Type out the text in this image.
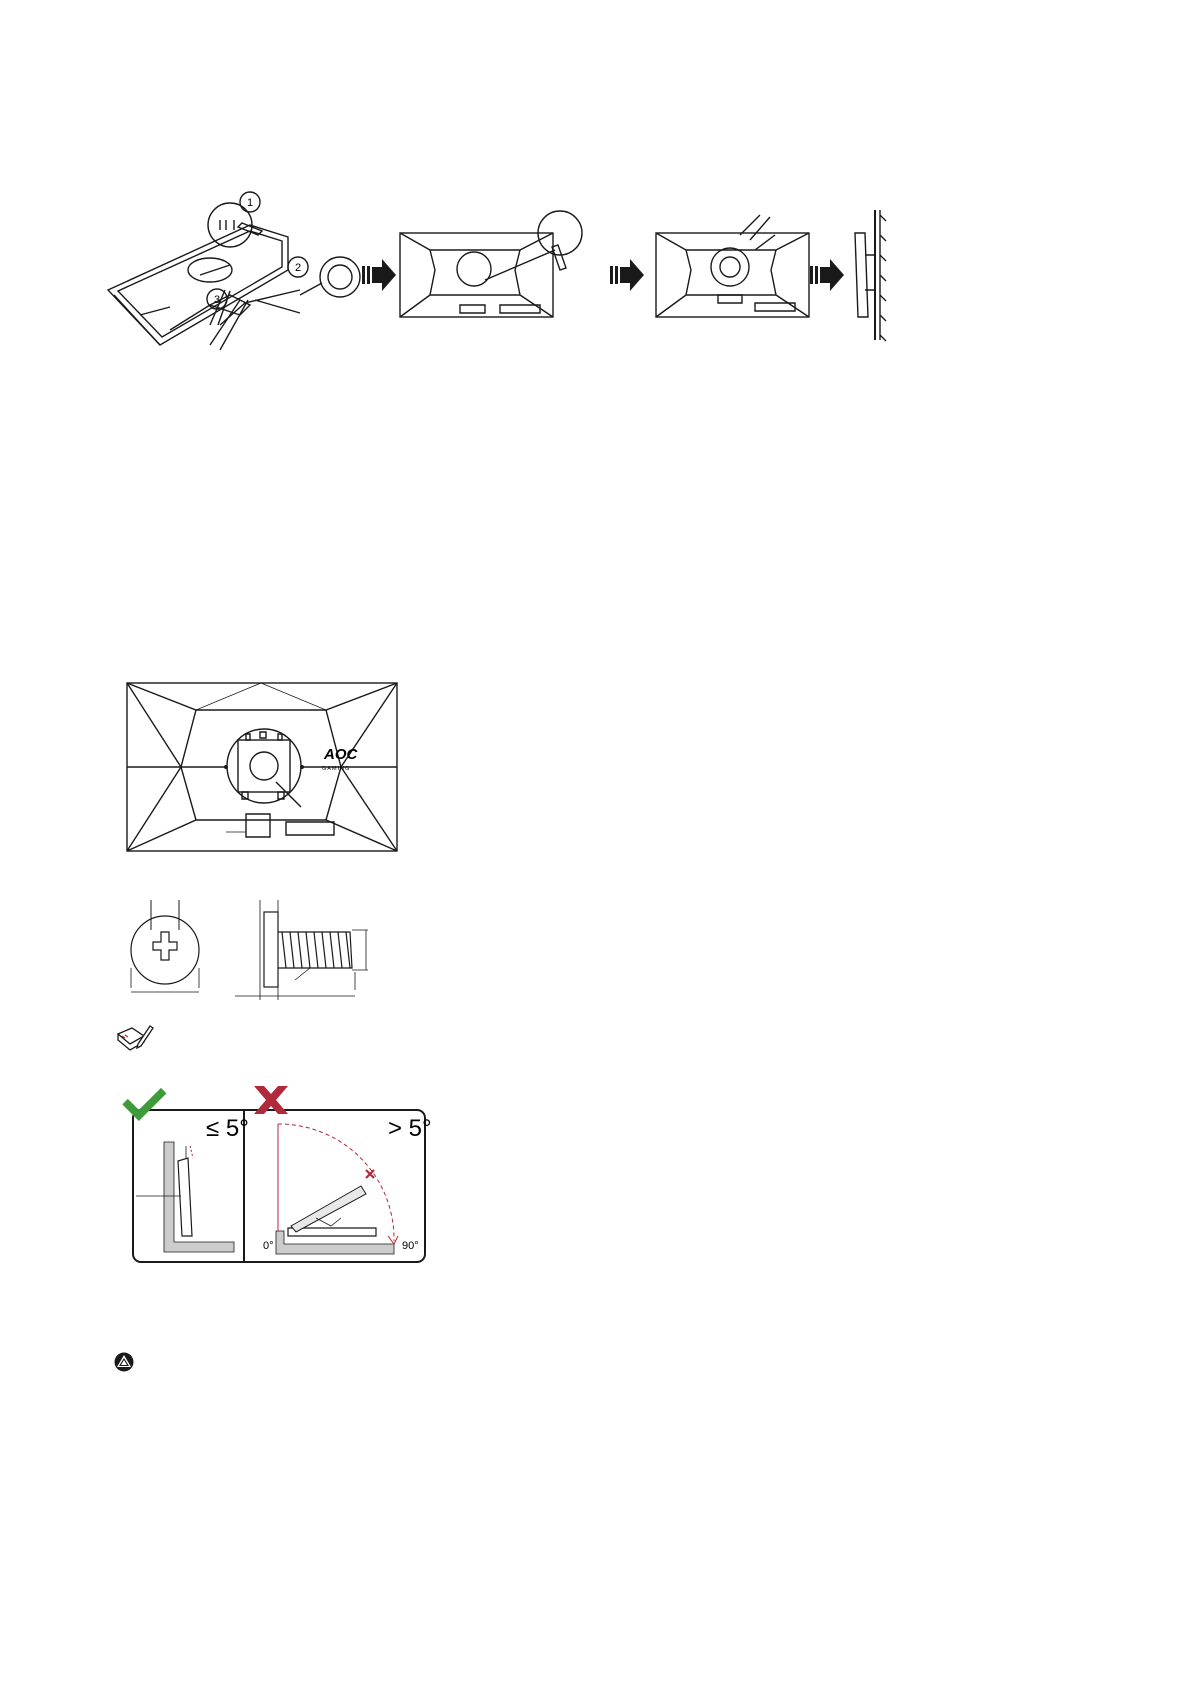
1
2
3
AOC
GAMING
≤ 5°	> 5°
0°	90°
